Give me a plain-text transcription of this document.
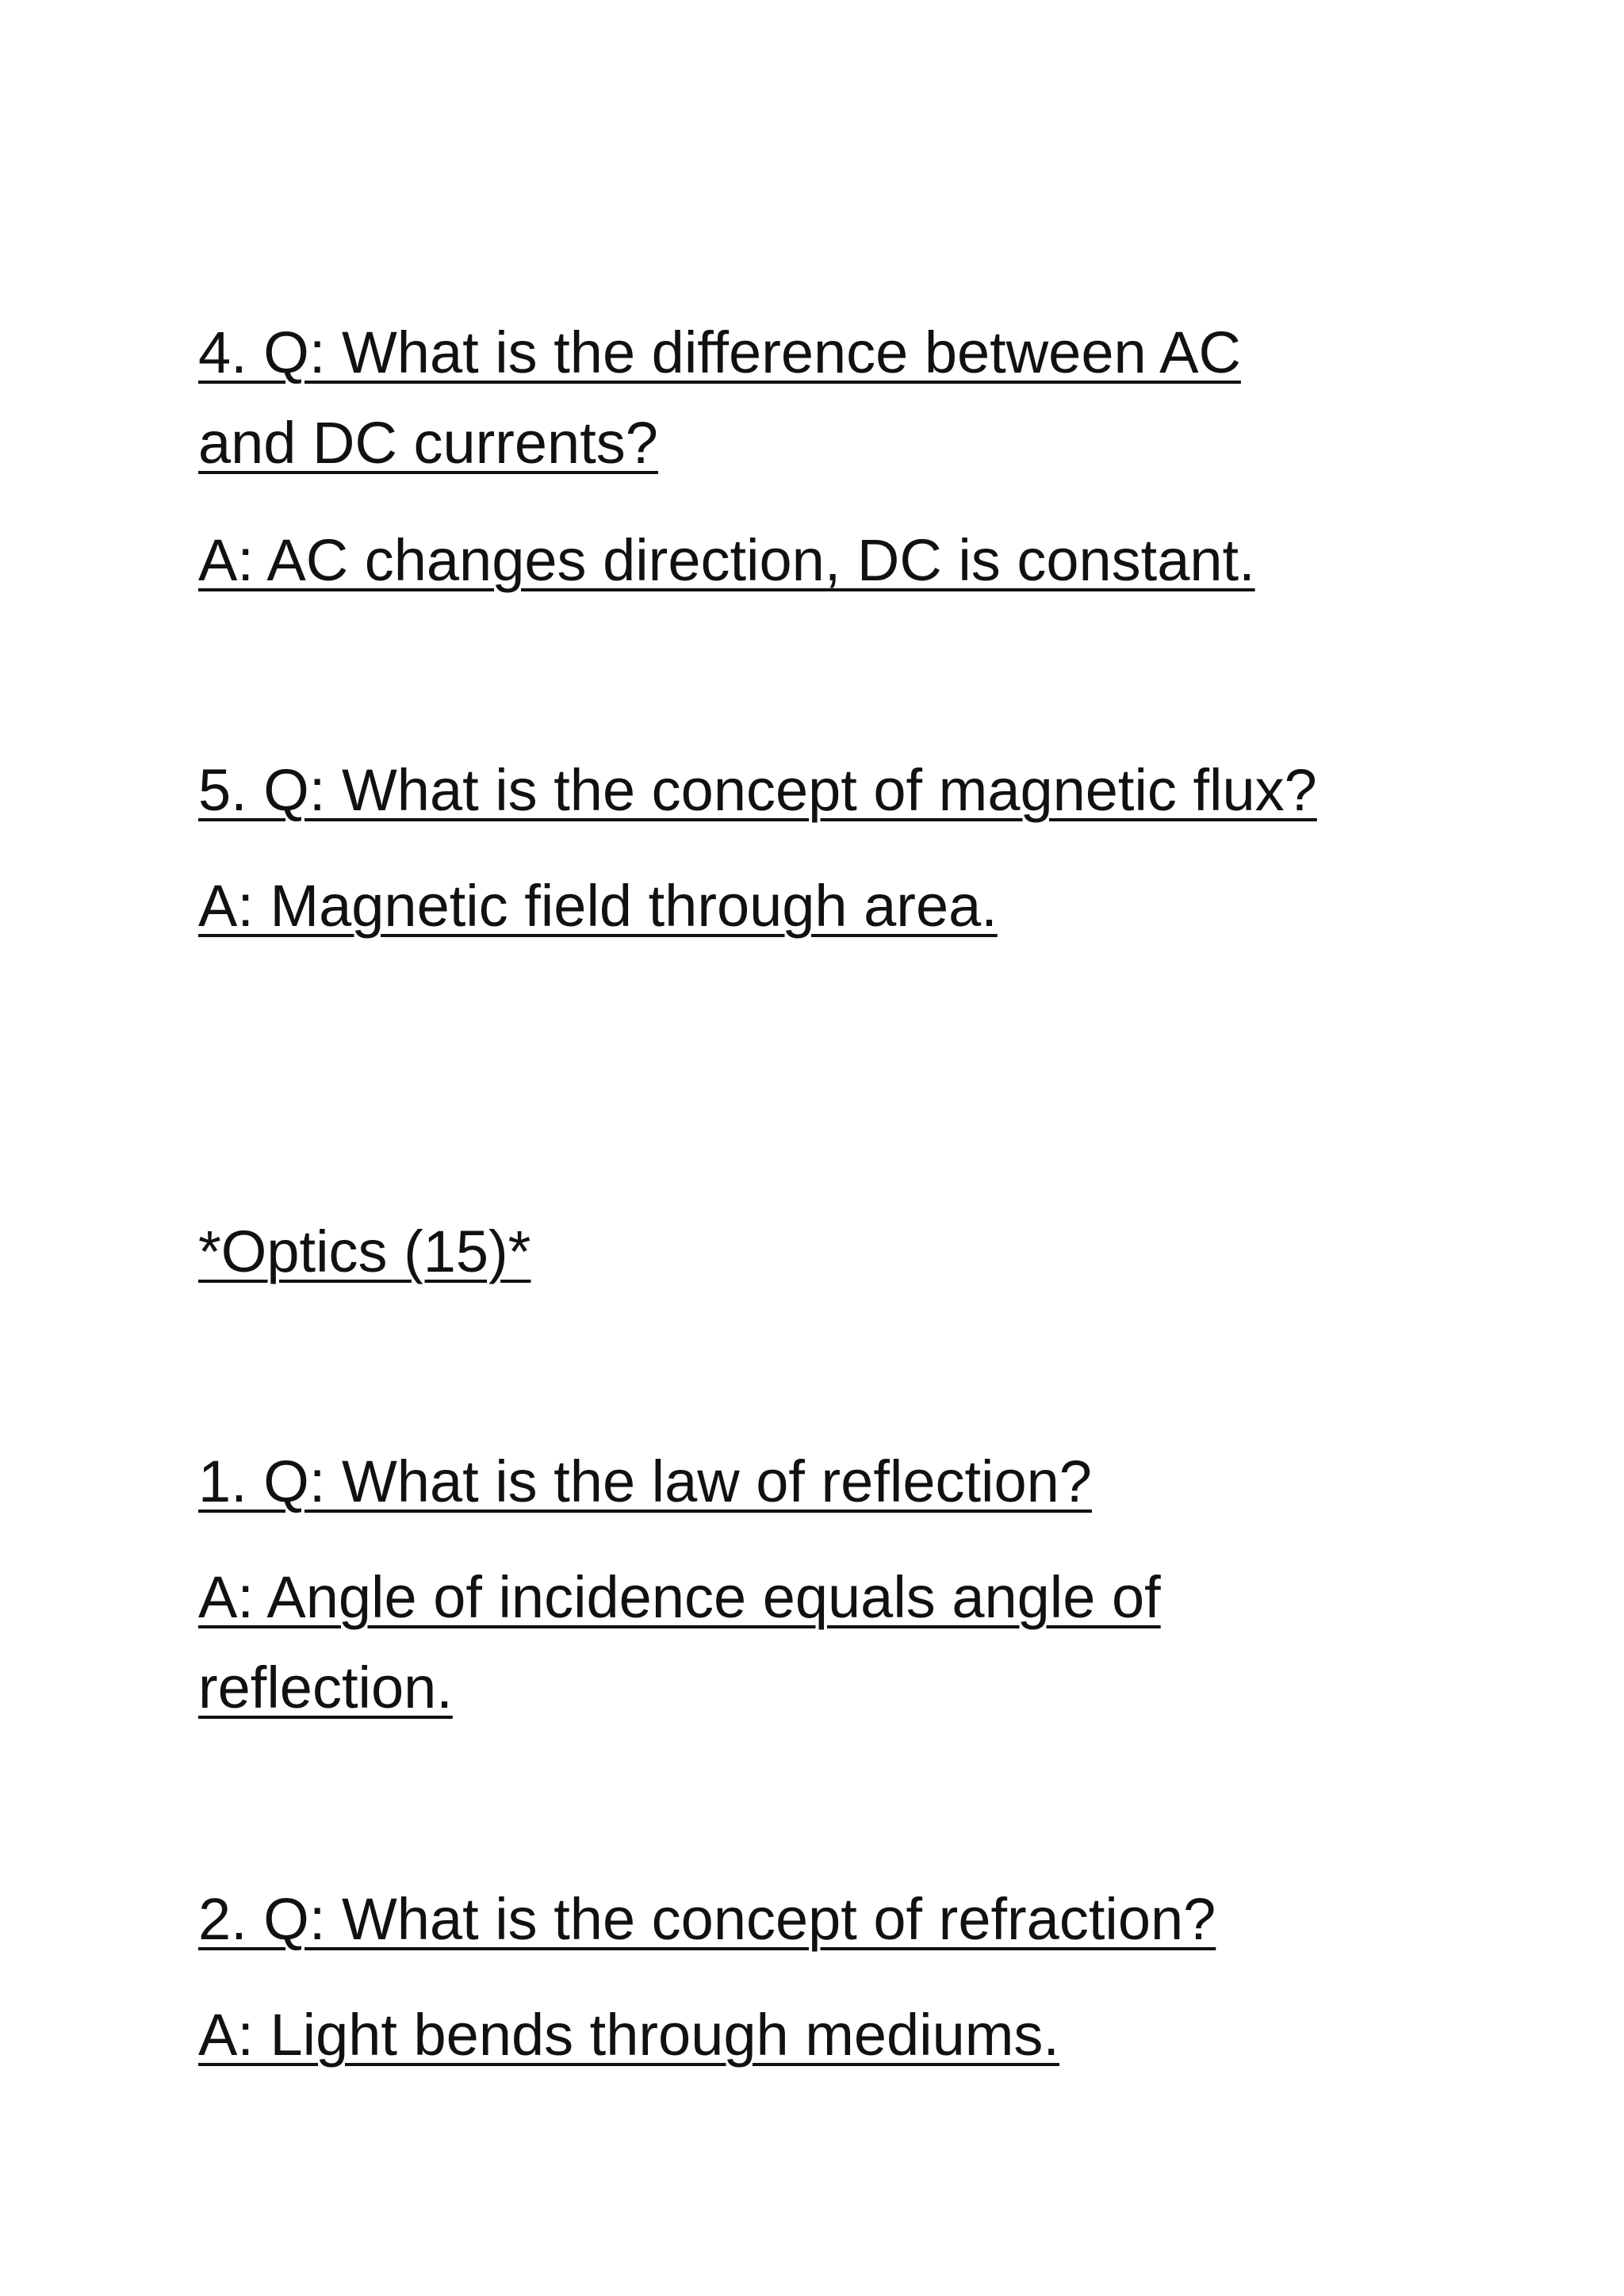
4. Q: What is the difference between AC

and DC currents?

A: AC changes direction, DC is constant.

5. Q: What is the concept of magnetic flux?

A: Magnetic field through area.

*Optics (15)*

1. Q: What is the law of reflection?

A: Angle of incidence equals angle of

reflection.

2. Q: What is the concept of refraction?

A: Light bends through mediums.
